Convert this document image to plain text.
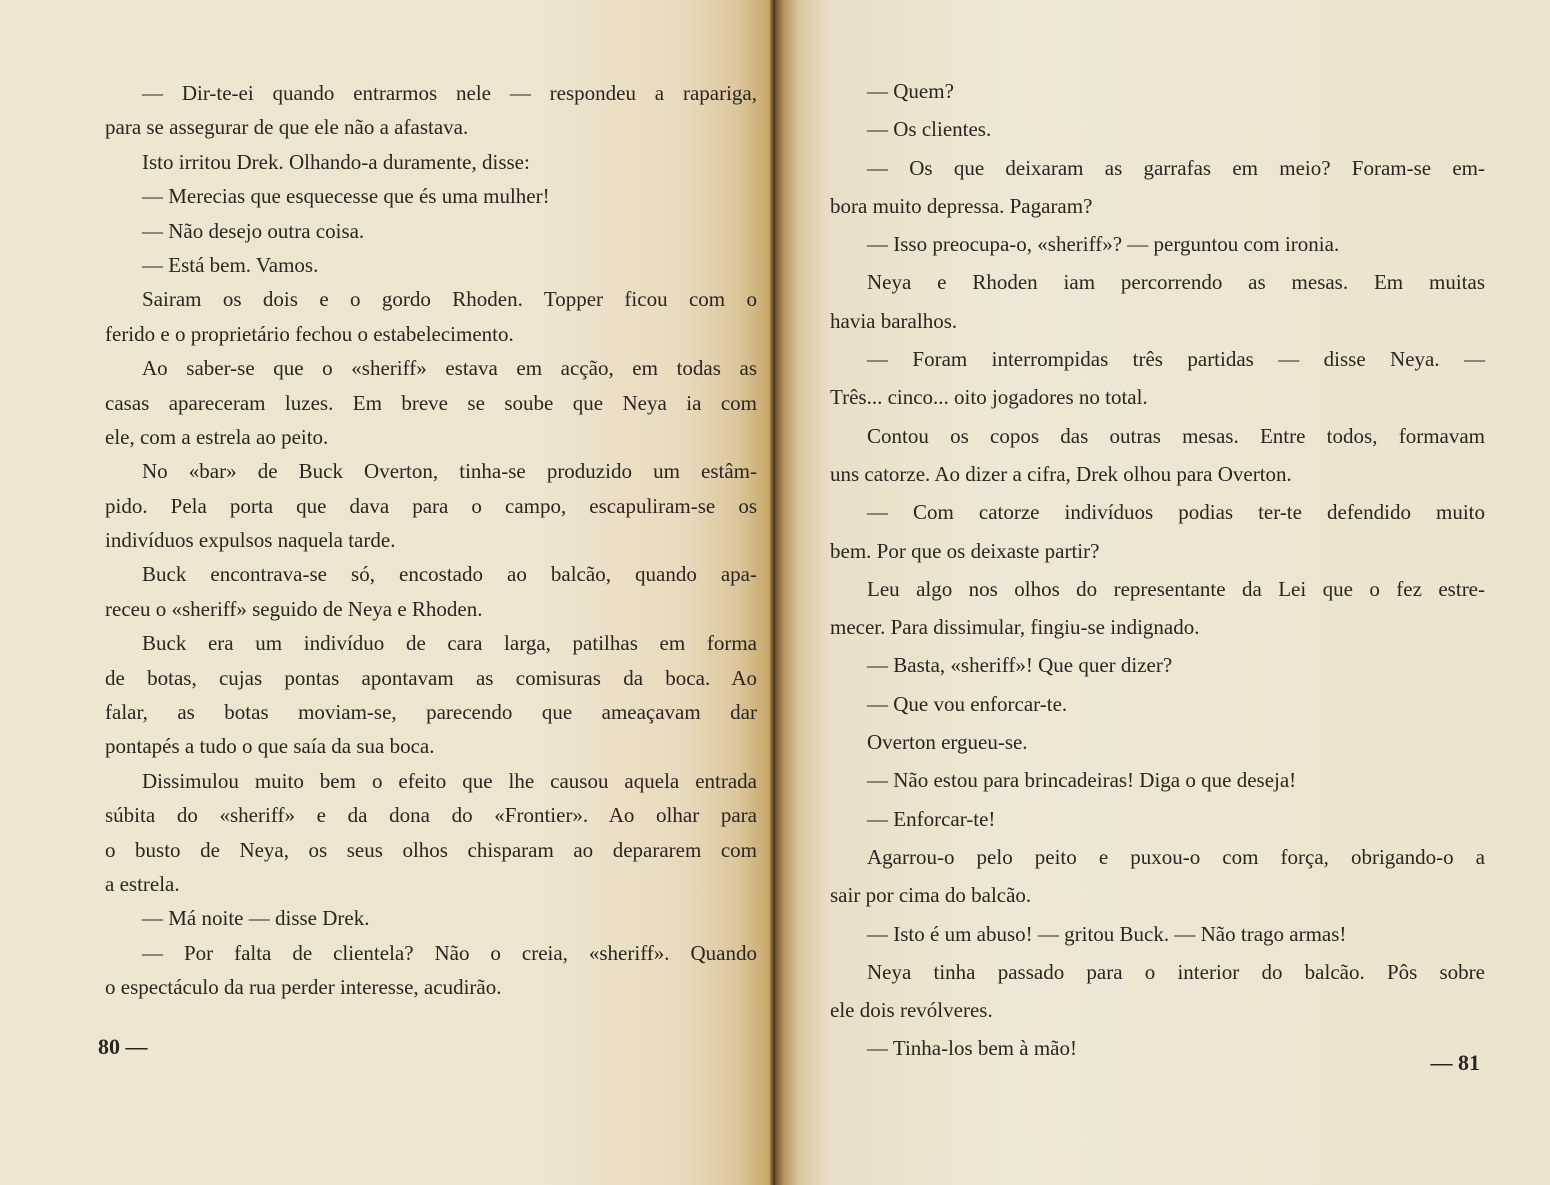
— Dir-te-ei quando entrarmos nele — respondeu a rapariga,
para se assegurar de que ele não a afastava.
Isto irritou Drek. Olhando-a duramente, disse:
— Merecias que esquecesse que és uma mulher!
— Não desejo outra coisa.
— Está bem. Vamos.
Sairam os dois e o gordo Rhoden. Topper ficou com o
ferido e o proprietário fechou o estabelecimento.
Ao saber-se que o «sheriff» estava em acção, em todas as
casas apareceram luzes. Em breve se soube que Neya ia com
ele, com a estrela ao peito.
No «bar» de Buck Overton, tinha-se produzido um estâm-
pido. Pela porta que dava para o campo, escapuliram-se os
indivíduos expulsos naquela tarde.
Buck encontrava-se só, encostado ao balcão, quando apa-
receu o «sheriff» seguido de Neya e Rhoden.
Buck era um indivíduo de cara larga, patilhas em forma
de botas, cujas pontas apontavam as comisuras da boca. Ao
falar, as botas moviam-se, parecendo que ameaçavam dar
pontapés a tudo o que saía da sua boca.
Dissimulou muito bem o efeito que lhe causou aquela entrada
súbita do «sheriff» e da dona do «Frontier». Ao olhar para
o busto de Neya, os seus olhos chisparam ao depararem com
a estrela.
— Má noite — disse Drek.
— Por falta de clientela? Não o creia, «sheriff». Quando
o espectáculo da rua perder interesse, acudirão.
80 —
— Quem?
— Os clientes.
— Os que deixaram as garrafas em meio? Foram-se em-
bora muito depressa. Pagaram?
— Isso preocupa-o, «sheriff»? — perguntou com ironia.
Neya e Rhoden iam percorrendo as mesas. Em muitas
havia baralhos.
— Foram interrompidas três partidas — disse Neya. —
Três... cinco... oito jogadores no total.
Contou os copos das outras mesas. Entre todos, formavam
uns catorze. Ao dizer a cifra, Drek olhou para Overton.
— Com catorze indivíduos podias ter-te defendido muito
bem. Por que os deixaste partir?
Leu algo nos olhos do representante da Lei que o fez estre-
mecer. Para dissimular, fingiu-se indignado.
— Basta, «sheriff»! Que quer dizer?
— Que vou enforcar-te.
Overton ergueu-se.
— Não estou para brincadeiras! Diga o que deseja!
— Enforcar-te!
Agarrou-o pelo peito e puxou-o com força, obrigando-o a
sair por cima do balcão.
— Isto é um abuso! — gritou Buck. — Não trago armas!
Neya tinha passado para o interior do balcão. Pôs sobre
ele dois revólveres.
— Tinha-los bem à mão!
— 81
